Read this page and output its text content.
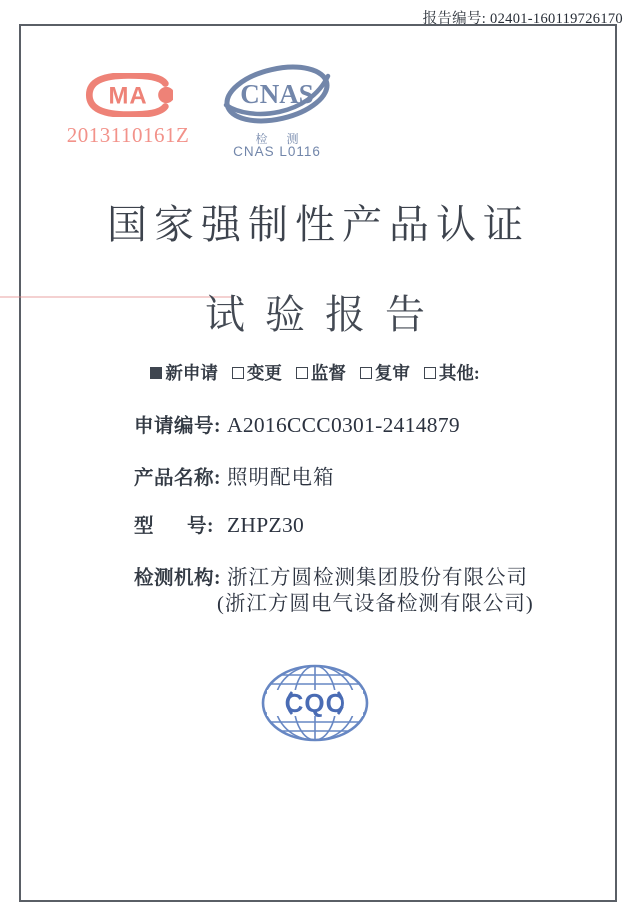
报告编号: 02401-160119726170
MA
2013110161Z
CNAS
检 测
CNAS L0116
国家强制性产品认证
试验报告
新申请 变更 监督 复审 其他:
申请编号: A2016CCC0301-2414879
产品名称: 照明配电箱
型 号: ZHPZ30
检测机构: 浙江方圆检测集团股份有限公司
(浙江方圆电气设备检测有限公司)
CQC
